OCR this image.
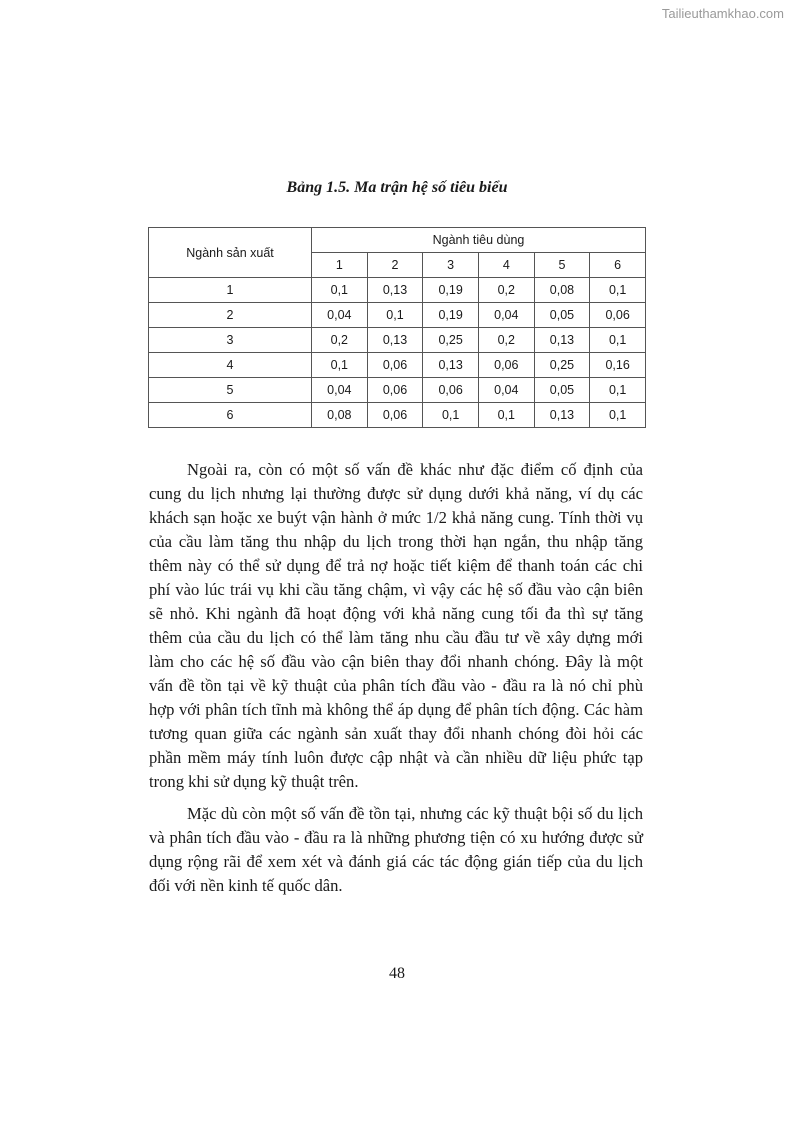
Tailieuthamkhao.com
Bảng 1.5. Ma trận hệ số tiêu biểu
Ngành sản xuất	Ngành tiêu dùng					
	1	2	3	4	5	6
1	0,1	0,13	0,19	0,2	0,08	0,1
2	0,04	0,1	0,19	0,04	0,05	0,06
3	0,2	0,13	0,25	0,2	0,13	0,1
4	0,1	0,06	0,13	0,06	0,25	0,16
5	0,04	0,06	0,06	0,04	0,05	0,1
6	0,08	0,06	0,1	0,1	0,13	0,1
Ngoài ra, còn có một số vấn đề khác như đặc điểm cố định của
cung du lịch nhưng lại thường được sử dụng dưới khả năng, ví dụ các
khách sạn hoặc xe buýt vận hành ở mức 1/2 khả năng cung. Tính thời vụ
của cầu làm tăng thu nhập du lịch trong thời hạn ngắn, thu nhập tăng
thêm này có thể sử dụng để trả nợ hoặc tiết kiệm để thanh toán các chi
phí vào lúc trái vụ khi cầu tăng chậm, vì vậy các hệ số đầu vào cận biên
sẽ nhỏ. Khi ngành đã hoạt động với khả năng cung tối đa thì sự tăng
thêm của cầu du lịch có thể làm tăng nhu cầu đầu tư về xây dựng mới
làm cho các hệ số đầu vào cận biên thay đổi nhanh chóng. Đây là một
vấn đề tồn tại về kỹ thuật của phân tích đầu vào - đầu ra là nó chỉ phù
hợp với phân tích tĩnh mà không thể áp dụng để phân tích động. Các hàm
tương quan giữa các ngành sản xuất thay đổi nhanh chóng đòi hỏi các
phần mềm máy tính luôn được cập nhật và cần nhiều dữ liệu phức tạp
trong khi sử dụng kỹ thuật trên.
Mặc dù còn một số vấn đề tồn tại, nhưng các kỹ thuật bội số du lịch
và phân tích đầu vào - đầu ra là những phương tiện có xu hướng được sử
dụng rộng rãi để xem xét và đánh giá các tác động gián tiếp của du lịch
đối với nền kinh tế quốc dân.
48
